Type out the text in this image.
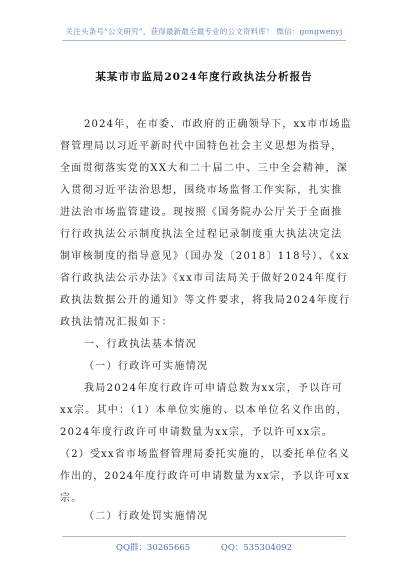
关注头条号“公文研究”，获得最新最全最专业的公文资料库！ 微信：gongwenyj
某某市市监局2024年度行政执法分析报告
2024年，在市委、市政府的正确领导下，xx市市场监
督管理局以习近平新时代中国特色社会主义思想为指导，
全面贯彻落实党的XX大和二十届二中、三中全会精神，深
入贯彻习近平法治思想，围绕市场监督工作实际，扎实推
进法治市场监管建设。现按照《国务院办公厅关于全面推
行行政执法公示制度执法全过程记录制度重大执法决定法
制审核制度的指导意见》（国办发〔2018〕118号）、《xx
省行政执法公示办法》《xx市司法局关于做好2024年度行
政执法数据公开的通知》等文件要求，将我局2024年度行
政执法情况汇报如下：
一、行政执法基本情况
（一）行政许可实施情况
我局2024年度行政许可申请总数为xx宗，予以许可
xx宗。其中：（1）本单位实施的、以本单位名义作出的，
2024年度行政许可申请数量为xx宗，予以许可xx宗。
（2）受xx省市场监督管理局委托实施的，以委托单位名义
作出的，2024年度行政许可申请数量为xx宗，予以许可xx
宗。
（二）行政处罚实施情况
QQ群：30265665	QQ：535304092
